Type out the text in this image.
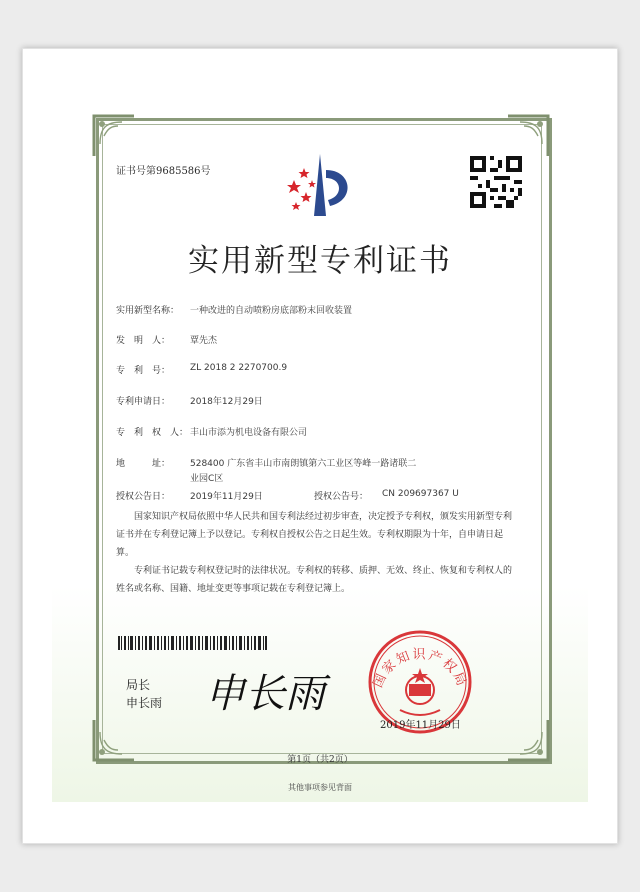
证书号第9685586号
实用新型专利证书
实用新型名称： 一种改进的自动喷粉房底部粉末回收装置
发　明　人： 覃先杰
专　利　号： ZL 2018 2 2270700.9
专利申请日： 2018年12月29日
专　利　权　人： 丰山市添为机电设备有限公司
地　　　址： 528400 广东省丰山市南朗镇第六工业区等峰一路诸联二
业园C区
授权公告日： 2019年11月29日	授权公告号： CN 209697367 U
国家知识产权局依照中华人民共和国专利法经过初步审查，决定授予专利权，颁发实用新型专利证书并在专利登记簿上予以登记。专利权自授权公告之日起生效。专利权期限为十年，自申请日起算。
专利证书记载专利权登记时的法律状况。专利权的转移、质押、无效、终止、恢复和专利权人的姓名或名称、国籍、地址变更等事项记载在专利登记簿上。
局长
申长雨 申长雨	国家知识产权局
2019年11月29日
第1页（共2页）
其他事项参见背面
